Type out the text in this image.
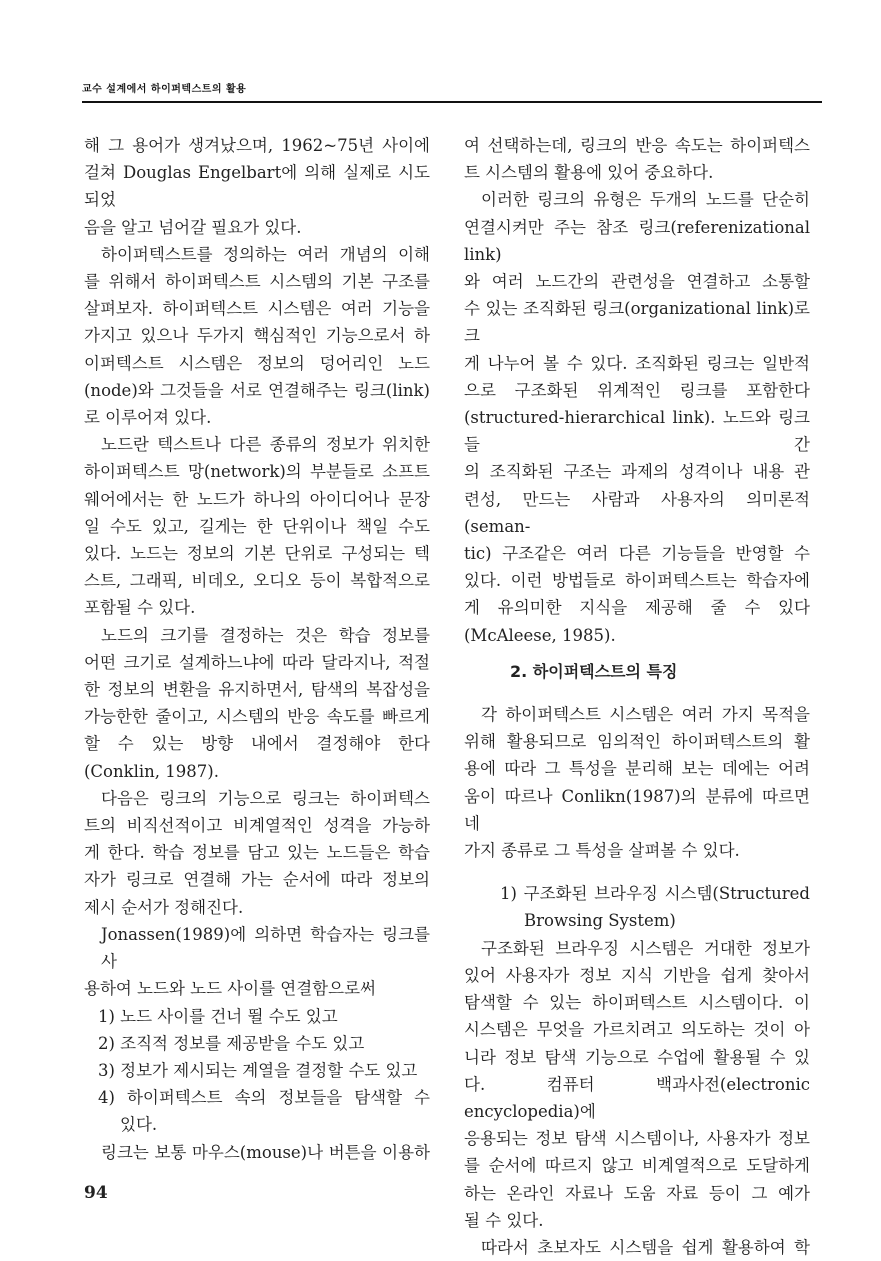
교수 설계에서 하이퍼텍스트의 활용

해 그 용어가 생겨났으며, 1962~75년 사이에

걸쳐 Douglas Engelbart에 의해 실제로 시도되었

음을 알고 넘어갈 필요가 있다.

하이퍼텍스트를 정의하는 여러 개념의 이해

를 위해서 하이퍼텍스트 시스템의 기본 구조를

살펴보자. 하이퍼텍스트 시스템은 여러 기능을

가지고 있으나 두가지 핵심적인 기능으로서 하

이퍼텍스트 시스템은 정보의 덩어리인 노드

(node)와 그것들을 서로 연결해주는 링크(link)

로 이루어져 있다.

노드란 텍스트나 다른 종류의 정보가 위치한

하이퍼텍스트 망(network)의 부분들로 소프트

웨어에서는 한 노드가 하나의 아이디어나 문장

일 수도 있고, 길게는 한 단위이나 책일 수도

있다. 노드는 정보의 기본 단위로 구성되는 텍

스트, 그래픽, 비데오, 오디오 등이 복합적으로

포함될 수 있다.

노드의 크기를 결정하는 것은 학습 정보를

어떤 크기로 설계하느냐에 따라 달라지나, 적절

한 정보의 변환을 유지하면서, 탐색의 복잡성을

가능한한 줄이고, 시스템의 반응 속도를 빠르게

할 수 있는 방향 내에서 결정해야 한다

(Conklin, 1987).

다음은 링크의 기능으로 링크는 하이퍼텍스

트의 비직선적이고 비계열적인 성격을 가능하

게 한다. 학습 정보를 담고 있는 노드들은 학습

자가 링크로 연결해 가는 순서에 따라 정보의

제시 순서가 정해진다.

Jonassen(1989)에 의하면 학습자는 링크를 사

용하여 노드와 노드 사이를 연결함으로써

1) 노드 사이를 건너 뛸 수도 있고

2) 조직적 정보를 제공받을 수도 있고

3) 정보가 제시되는 계열을 결정할 수도 있고

4) 하이퍼텍스트 속의 정보들을 탐색할 수

있다.

링크는 보통 마우스(mouse)나 버튼을 이용하

여 선택하는데, 링크의 반응 속도는 하이퍼텍스

트 시스템의 활용에 있어 중요하다.

이러한 링크의 유형은 두개의 노드를 단순히

연결시켜만 주는 참조 링크(referenizational link)

와 여러 노드간의 관련성을 연결하고 소통할

수 있는 조직화된 링크(organizational link)로 크

게 나누어 볼 수 있다. 조직화된 링크는 일반적

으로 구조화된 위계적인 링크를 포함한다

(structured-hierarchical link). 노드와 링크들 간

의 조직화된 구조는 과제의 성격이나 내용 관

련성, 만드는 사람과 사용자의 의미론적(seman-

tic) 구조같은 여러 다른 기능들을 반영할 수

있다. 이런 방법들로 하이퍼텍스트는 학습자에

게 유의미한 지식을 제공해 줄 수 있다

(McAleese, 1985).

2. 하이퍼텍스트의 특징

각 하이퍼텍스트 시스템은 여러 가지 목적을

위해 활용되므로 임의적인 하이퍼텍스트의 활

용에 따라 그 특성을 분리해 보는 데에는 어려

움이 따르나 Conlikn(1987)의 분류에 따르면 네

가지 종류로 그 특성을 살펴볼 수 있다.

1) 구조화된 브라우징 시스템(Structured

Browsing System)

구조화된 브라우징 시스템은 거대한 정보가

있어 사용자가 정보 지식 기반을 쉽게 찾아서

탐색할 수 있는 하이퍼텍스트 시스템이다. 이

시스템은 무엇을 가르치려고 의도하는 것이 아

니라 정보 탐색 기능으로 수업에 활용될 수 있

다. 컴퓨터 백과사전(electronic encyclopedia)에

응용되는 정보 탐색 시스템이나, 사용자가 정보

를 순서에 따르지 않고 비계열적으로 도달하게

하는 온라인 자료나 도움 자료 등이 그 예가

될 수 있다.

따라서 초보자도 시스템을 쉽게 활용하여 학

94
